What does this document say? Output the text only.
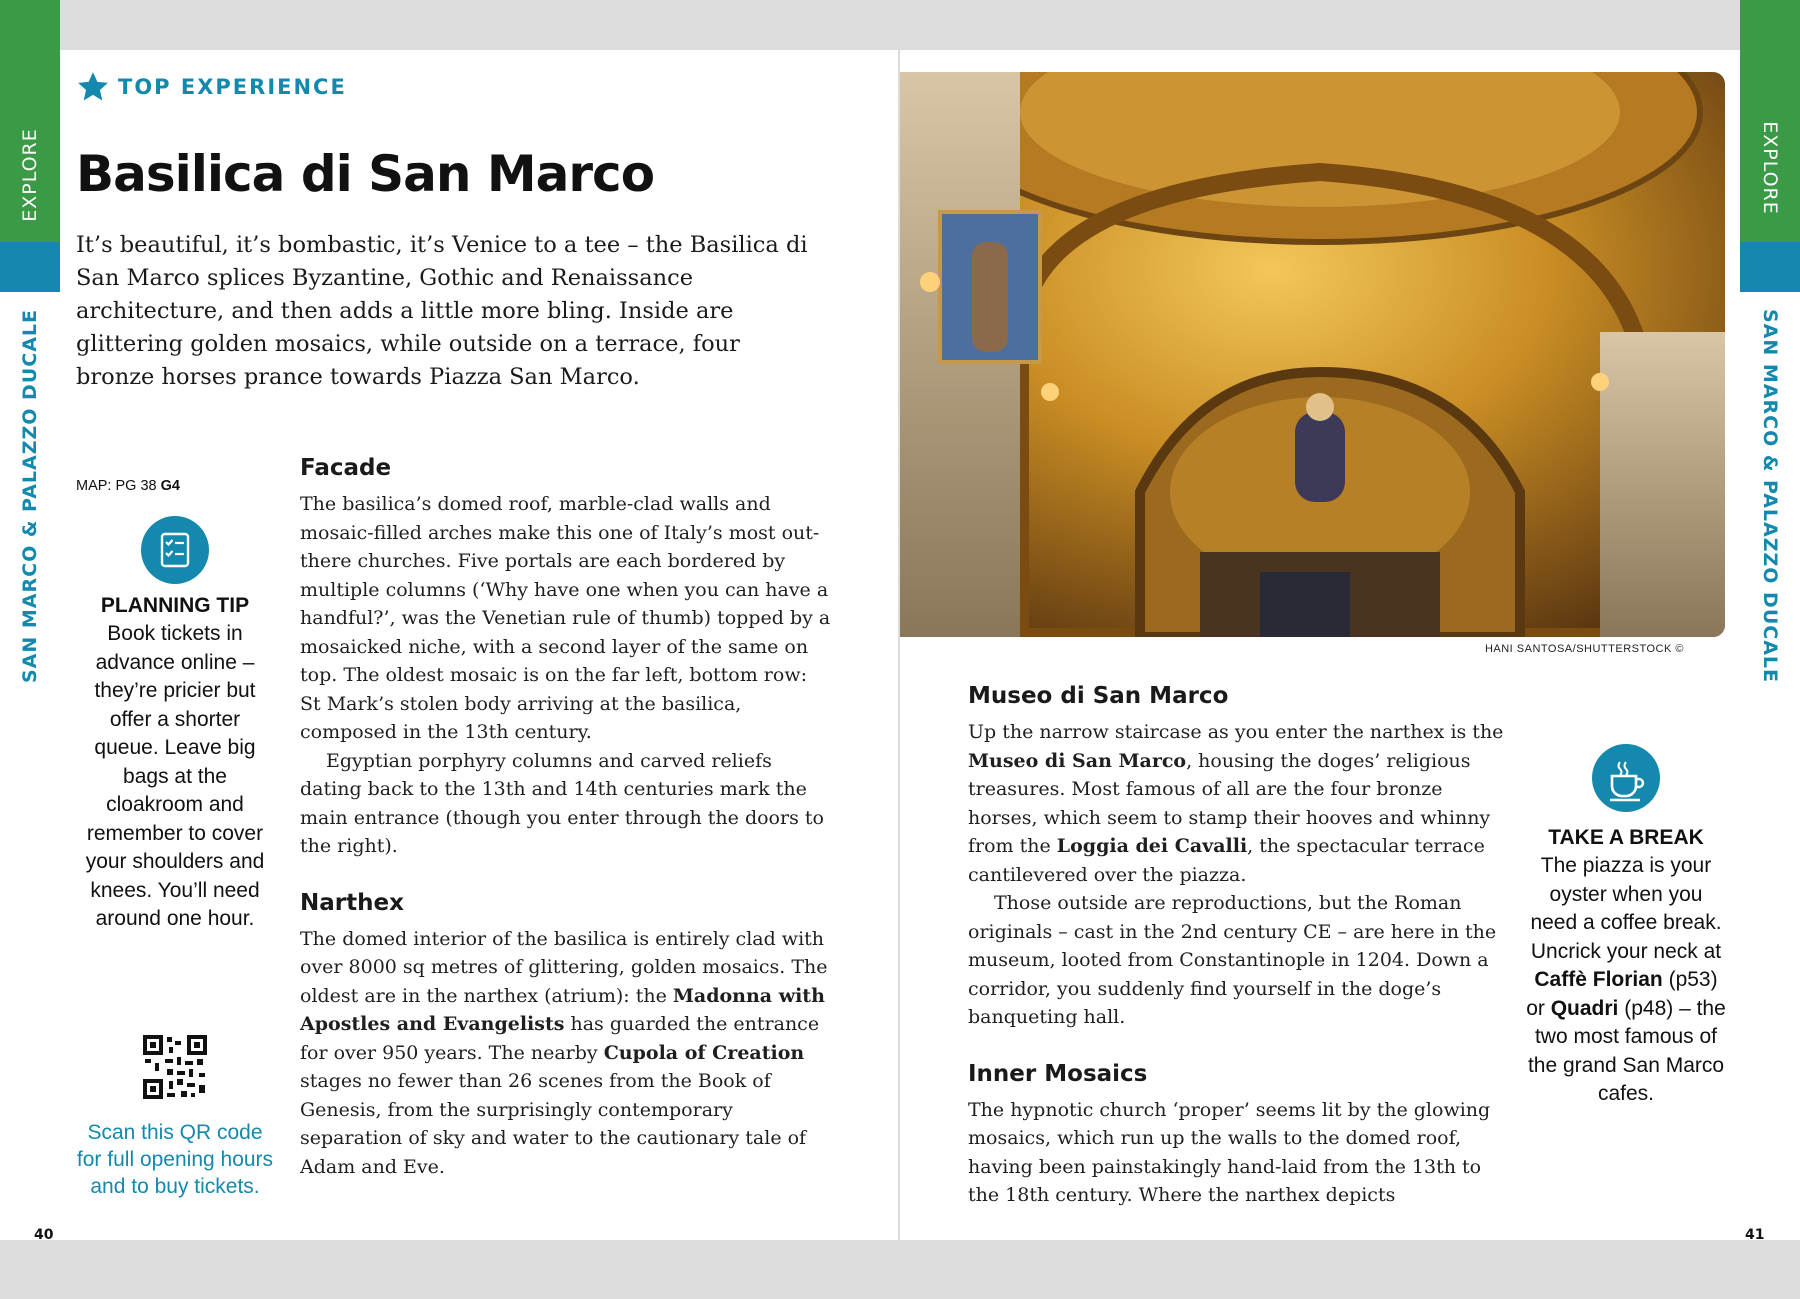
EXPLORE
SAN MARCO & PALAZZO DUCALE
EXPLORE
SAN MARCO & PALAZZO DUCALE
TOP EXPERIENCE
Basilica di San Marco

It’s beautiful, it’s bombastic, it’s Venice to a tee – the Basilica di San Marco splices Byzantine, Gothic and Renaissance architecture, and then adds a little more bling. Inside are glittering golden mosaics, while outside on a terrace, four bronze horses prance towards Piazza San Marco.

MAP: PG 38 G4
PLANNING TIP
Book tickets in advance online – they’re pricier but offer a shorter queue. Leave big bags at the cloakroom and remember to cover your shoulders and knees. You’ll need around one hour.
Scan this QR code for full opening hours and to buy tickets.
Facade

The basilica’s domed roof, marble-clad walls and mosaic-filled arches make this one of Italy’s most out-there churches. Five portals are each bordered by multiple columns (‘Why have one when you can have a handful?’, was the Venetian rule of thumb) topped by a mosaicked niche, with a second layer of the same on top. The oldest mosaic is on the far left, bottom row: St Mark’s stolen body arriving at the basilica, composed in the 13th century.

Egyptian porphyry columns and carved reliefs dating back to the 13th and 14th centuries mark the main entrance (though you enter through the doors to the right).

Narthex

The domed interior of the basilica is entirely clad with over 8000 sq metres of glittering, golden mosaics. The oldest are in the narthex (atrium): the Madonna with Apostles and Evangelists has guarded the entrance for over 950 years. The nearby Cupola of Creation stages no fewer than 26 scenes from the Book of Genesis, from the surprisingly contemporary separation of sky and water to the cautionary tale of Adam and Eve.

40
HANI SANTOSA/SHUTTERSTOCK ©
Museo di San Marco

Up the narrow staircase as you enter the narthex is the Museo di San Marco, housing the doges’ religious treasures. Most famous of all are the four bronze horses, which seem to stamp their hooves and whinny from the Loggia dei Cavalli, the spectacular terrace cantilevered over the piazza.

Those outside are reproductions, but the Roman originals – cast in the 2nd century CE – are here in the museum, looted from Constantinople in 1204. Down a corridor, you suddenly find yourself in the doge’s banqueting hall.

Inner Mosaics

The hypnotic church ‘proper’ seems lit by the glowing mosaics, which run up the walls to the domed roof, having been painstakingly hand-laid from the 13th to the 18th century. Where the narthex depicts

TAKE A BREAK
The piazza is your oyster when you need a coffee break. Uncrick your neck at Caffè Florian (p53) or Quadri (p48) – the two most famous of the grand San Marco cafes.
41
